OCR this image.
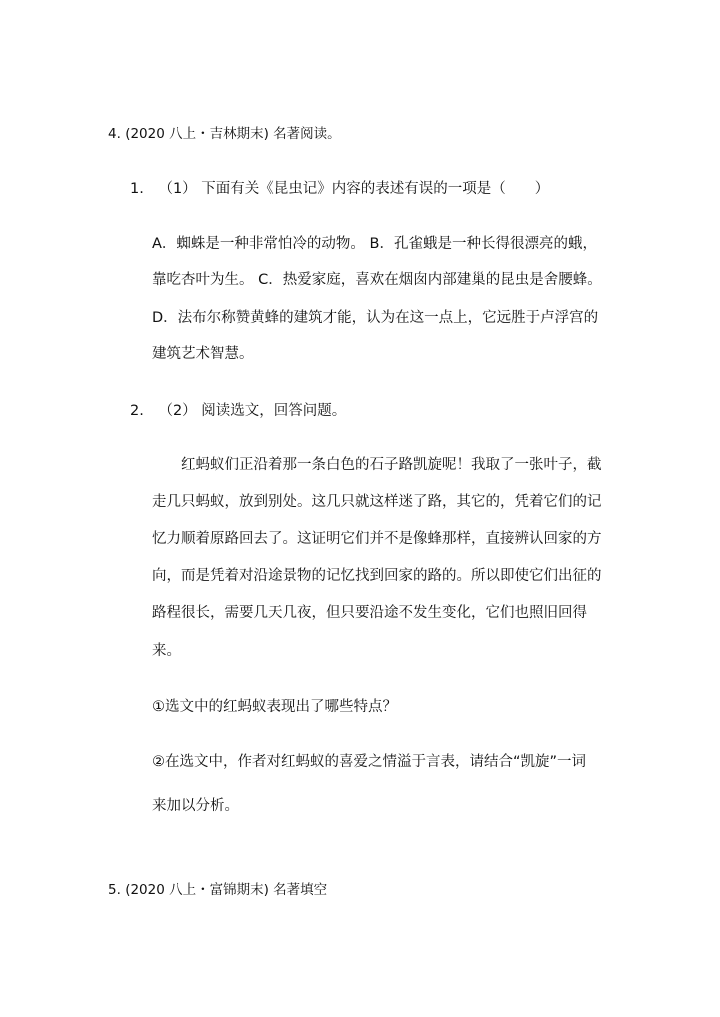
4. (2020 八上・吉林期末) 名著阅读。
1. （1） 下面有关《昆虫记》内容的表述有误的一项是（　　）
A．蜘蛛是一种非常怕冷的动物。 B．孔雀蛾是一种长得很漂亮的蛾，
靠吃杏叶为生。 C．热爱家庭，喜欢在烟囱内部建巢的昆虫是舍腰蜂。
D．法布尔称赞黄蜂的建筑才能，认为在这一点上，它远胜于卢浮宫的
建筑艺术智慧。
2. （2） 阅读选文，回答问题。
红蚂蚁们正沿着那一条白色的石子路凯旋呢！我取了一张叶子，截
走几只蚂蚁，放到别处。这几只就这样迷了路，其它的，凭着它们的记
忆力顺着原路回去了。这证明它们并不是像蜂那样，直接辨认回家的方
向，而是凭着对沿途景物的记忆找到回家的路的。所以即使它们出征的
路程很长，需要几天几夜，但只要沿途不发生变化，它们也照旧回得
来。
①选文中的红蚂蚁表现出了哪些特点？
②在选文中，作者对红蚂蚁的喜爱之情溢于言表，请结合“凯旋”一词
来加以分析。
5. (2020 八上・富锦期末) 名著填空
